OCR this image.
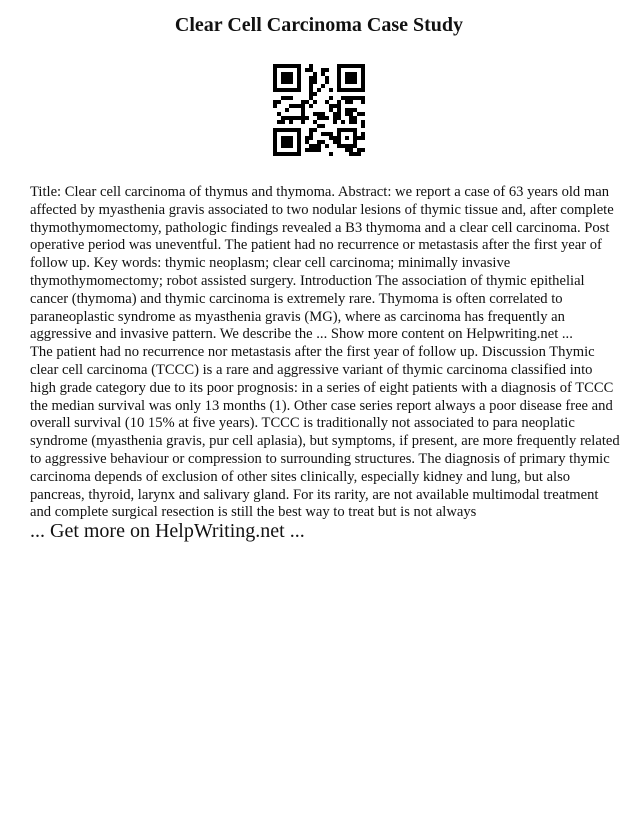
Clear Cell Carcinoma Case Study

Title: Clear cell carcinoma of thymus and thymoma. Abstract: we report a case of 63 years old man affected by myasthenia gravis associated to two nodular lesions of thymic tissue and, after complete thymothymomectomy, pathologic findings revealed a B3 thymoma and a clear cell carcinoma. Post operative period was uneventful. The patient had no recurrence or metastasis after the first year of follow up. Key words: thymic neoplasm; clear cell carcinoma; minimally invasive thymothymomectomy; robot assisted surgery. Introduction The association of thymic epithelial cancer (thymoma) and thymic carcinoma is extremely rare. Thymoma is often correlated to paraneoplastic syndrome as myasthenia gravis (MG), where as carcinoma has frequently an aggressive and invasive pattern. We describe the ... Show more content on Helpwriting.net ...

The patient had no recurrence nor metastasis after the first year of follow up. Discussion Thymic clear cell carcinoma (TCCC) is a rare and aggressive variant of thymic carcinoma classified into high grade category due to its poor prognosis: in a series of eight patients with a diagnosis of TCCC the median survival was only 13 months (1). Other case series report always a poor disease free and overall survival (10 15% at five years). TCCC is traditionally not associated to para neoplatic syndrome (myasthenia gravis, pur cell aplasia), but symptoms, if present, are more frequently related to aggressive behaviour or compression to surrounding structures. The diagnosis of primary thymic carcinoma depends of exclusion of other sites clinically, especially kidney and lung, but also pancreas, thyroid, larynx and salivary gland. For its rarity, are not available multimodal treatment and complete surgical resection is still the best way to treat but is not always

... Get more on HelpWriting.net ...
